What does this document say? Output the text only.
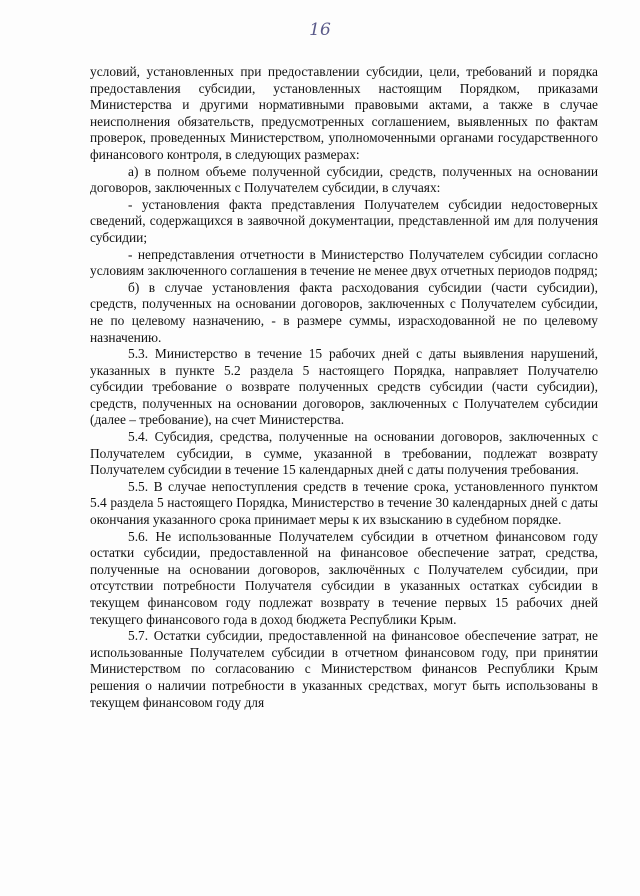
16

условий, установленных при предоставлении субсидии, цели, требований и порядка предоставления субсидии, установленных настоящим Порядком, приказами Министерства и другими нормативными правовыми актами, а также в случае неисполнения обязательств, предусмотренных соглашением, выявленных по фактам проверок, проведенных Министерством, уполномоченными органами государственного финансового контроля, в следующих размерах:

а) в полном объеме полученной субсидии, средств, полученных на основании договоров, заключенных с Получателем субсидии, в случаях:

- установления факта представления Получателем субсидии недостоверных сведений, содержащихся в заявочной документации, представленной им для получения субсидии;

- непредставления отчетности в Министерство Получателем субсидии согласно условиям заключенного соглашения в течение не менее двух отчетных периодов подряд;

б) в случае установления факта расходования субсидии (части субсидии), средств, полученных на основании договоров, заключенных с Получателем субсидии, не по целевому назначению, - в размере суммы, израсходованной не по целевому назначению.

5.3. Министерство в течение 15 рабочих дней с даты выявления нарушений, указанных в пункте 5.2 раздела 5 настоящего Порядка, направляет Получателю субсидии требование о возврате полученных средств субсидии (части субсидии), средств, полученных на основании договоров, заключенных с Получателем субсидии (далее – требование), на счет Министерства.

5.4. Субсидия, средства, полученные на основании договоров, заключенных с Получателем субсидии, в сумме, указанной в требовании, подлежат возврату Получателем субсидии в течение 15 календарных дней с даты получения требования.

5.5. В случае непоступления средств в течение срока, установленного пунктом 5.4 раздела 5 настоящего Порядка, Министерство в течение 30 календарных дней с даты окончания указанного срока принимает меры к их взысканию в судебном порядке.

5.6. Не использованные Получателем субсидии в отчетном финансовом году остатки субсидии, предоставленной на финансовое обеспечение затрат, средства, полученные на основании договоров, заключённых с Получателем субсидии, при отсутствии потребности Получателя субсидии в указанных остатках субсидии в текущем финансовом году подлежат возврату в течение первых 15 рабочих дней текущего финансового года в доход бюджета Республики Крым.

5.7. Остатки субсидии, предоставленной на финансовое обеспечение затрат, не использованные Получателем субсидии в отчетном финансовом году, при принятии Министерством по согласованию с Министерством финансов Республики Крым решения о наличии потребности в указанных средствах, могут быть использованы в текущем финансовом году для
